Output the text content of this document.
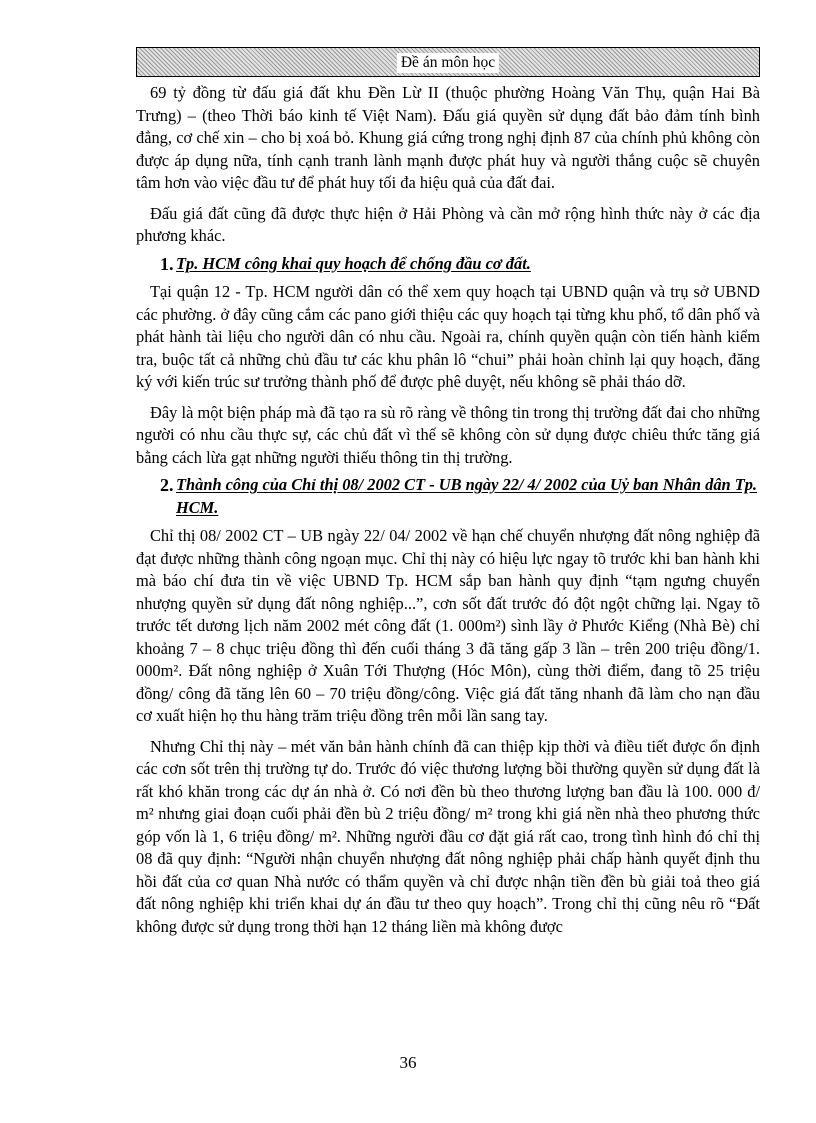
Đề án môn học

69 tỷ đồng từ đấu giá đất khu Đền Lừ II (thuộc phường Hoàng Văn Thụ, quận Hai Bà Trưng) – (theo Thời báo kinh tế Việt Nam). Đấu giá quyền sử dụng đất bảo đảm tính bình đẳng, cơ chế xin – cho bị xoá bỏ. Khung giá cứng trong nghị định 87 của chính phủ không còn được áp dụng nữa, tính cạnh tranh lành mạnh được phát huy và người thắng cuộc sẽ chuyên tâm hơn vào việc đầu tư để phát huy tối đa hiệu quả của đất đai.

Đấu giá đất cũng đã được thực hiện ở Hải Phòng và cần mở rộng hình thức này ở các địa phương khác.

1. Tp. HCM công khai quy hoạch để chống đầu cơ đất.

Tại quận 12 - Tp. HCM người dân có thể xem quy hoạch tại UBND quận và trụ sở UBND các phường. ở đây cũng cắm các pano giới thiệu các quy hoạch tại từng khu phố, tổ dân phố và phát hành tài liệu cho người dân có nhu cầu. Ngoài ra, chính quyền quận còn tiến hành kiểm tra, buộc tất cả những chủ đầu tư các khu phân lô “chui” phải hoàn chỉnh lại quy hoạch, đăng ký với kiến trúc sư trưởng thành phố để được phê duyệt, nếu không sẽ phải tháo dỡ.

Đây là một biện pháp mà đã tạo ra sù rõ ràng về thông tin trong thị trường đất đai cho những người có nhu cầu thực sự, các chủ đất vì thế sẽ không còn sử dụng được chiêu thức tăng giá bằng cách lừa gạt những người thiếu thông tin thị trường.

2. Thành công của Chỉ thị 08/ 2002 CT - UB ngày 22/ 4/ 2002 của Uỷ ban Nhân dân Tp. HCM.

Chỉ thị 08/ 2002 CT – UB ngày 22/ 04/ 2002 về hạn chế chuyển nhượng đất nông nghiệp đã đạt được những thành công ngoạn mục. Chỉ thị này có hiệu lực ngay tõ trước khi ban hành khi mà báo chí đưa tin về việc UBND Tp. HCM sắp ban hành quy định “tạm ngưng chuyển nhượng quyền sử dụng đất nông nghiệp...”, cơn sốt đất trước đó đột ngột chững lại. Ngay tõ trước tết dương lịch năm 2002 mét công đất (1. 000m²) sình lầy ở Phước Kiểng (Nhà Bè) chỉ khoảng 7 – 8 chục triệu đồng thì đến cuối tháng 3 đã tăng gấp 3 lần – trên 200 triệu đồng/1. 000m². Đất nông nghiệp ở Xuân Tới Thượng (Hóc Môn), cùng thời điểm, đang tõ 25 triệu đồng/ công đã tăng lên 60 – 70 triệu đồng/công. Việc giá đất tăng nhanh đã làm cho nạn đầu cơ xuất hiện họ thu hàng trăm triệu đồng trên mỗi lần sang tay.

Nhưng Chỉ thị này – mét văn bản hành chính đã can thiệp kịp thời và điều tiết được ổn định các cơn sốt trên thị trường tự do. Trước đó việc thương lượng bồi thường quyền sử dụng đất là rất khó khăn trong các dự án nhà ở. Có nơi đền bù theo thương lượng ban đầu là 100. 000 đ/ m² nhưng giai đoạn cuối phải đền bù 2 triệu đồng/ m² trong khi giá nền nhà theo phương thức góp vốn là 1, 6 triệu đồng/ m². Những người đầu cơ đặt giá rất cao, trong tình hình đó chỉ thị 08 đã quy định: “Người nhận chuyển nhượng đất nông nghiệp phải chấp hành quyết định thu hồi đất của cơ quan Nhà nước có thẩm quyền và chỉ được nhận tiền đền bù giải toả theo giá đất nông nghiệp khi triển khai dự án đầu tư theo quy hoạch”. Trong chỉ thị cũng nêu rõ “Đất không được sử dụng trong thời hạn 12 tháng liền mà không được

36
